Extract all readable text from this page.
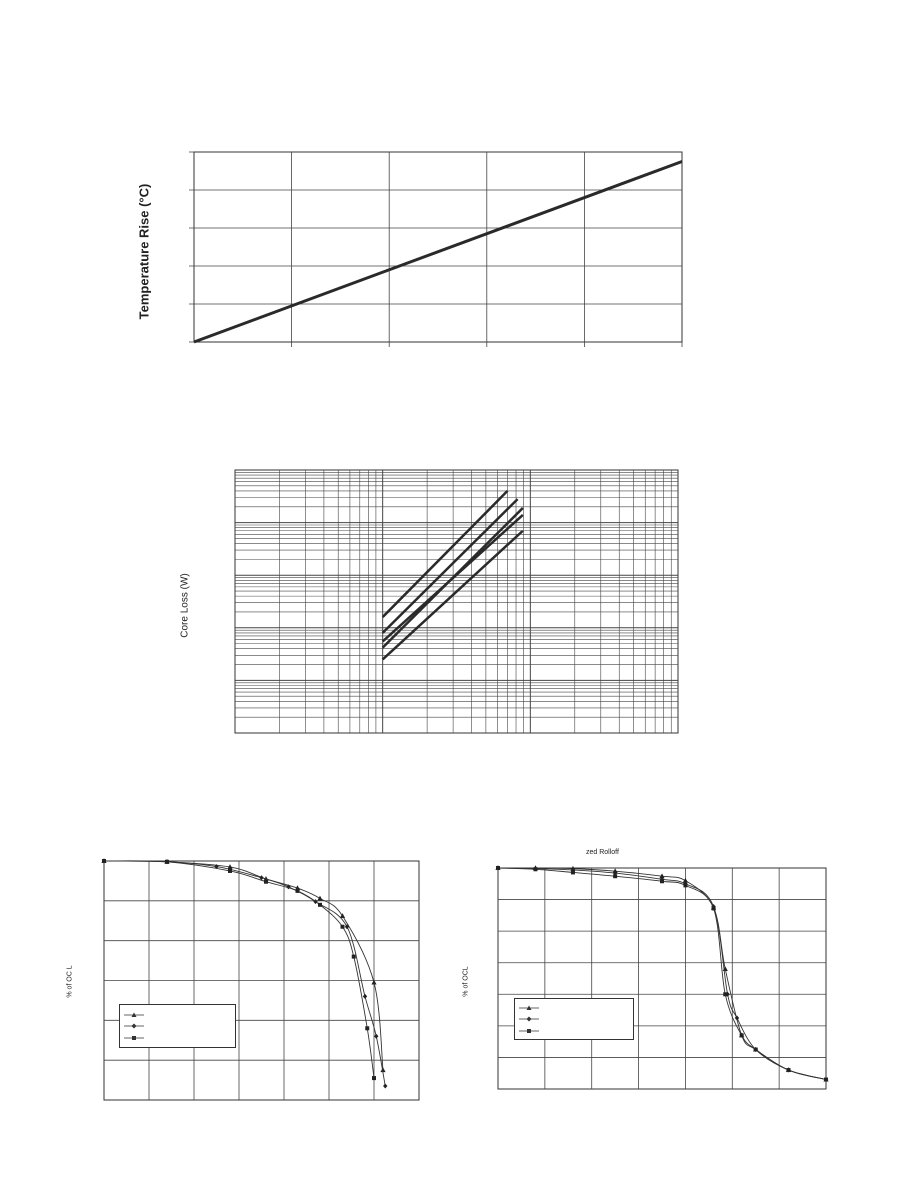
Temperature Rise (°C)
Core Loss (W)
% of OC L	% of OCL
zed Rolloff
